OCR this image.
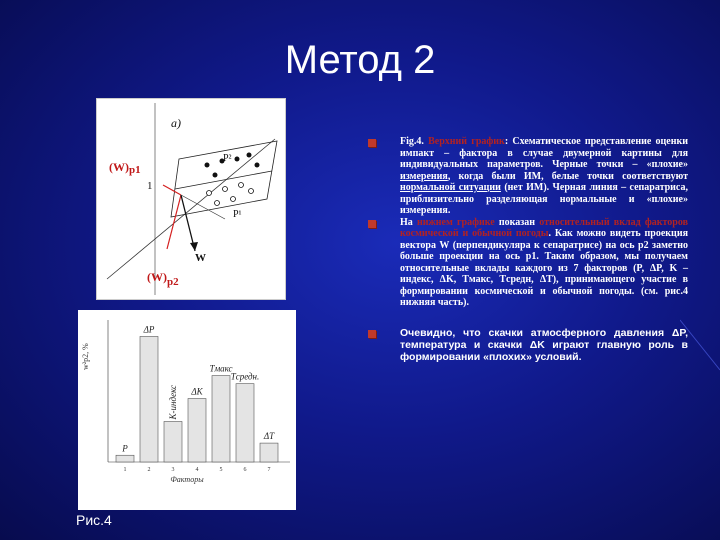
Метод 2
a)
(W)p1
1
P²
P¹
W
(W)p2
w²p2, %
Факторы
P
1
ΔP
2
K-индекс
3
ΔK
4
Tмакс
5
Tсредн.
6
ΔT
7
Рис.4
Fig.4. Верхний график: Схематическое представление оценки импакт – фактора в случае двумерной картины для индивидуальных параметров. Черные точки – «плохие» измерения, когда были ИМ, белые точки соответствуют нормальной ситуации (нет ИМ). Черная линия – сепаратриса, приблизительно разделяющая нормальные и «плохие» измерения.
На нижнем графике показан относительный вклад факторов космической и обычной погоды. Как можно видеть проекция вектора W (перпендикуляра к сепаратрисе) на ось p2 заметно больше проекции на ось p1. Таким образом, мы получаем относительные вклады каждого из 7 факторов (P, ΔP, K – индекс, ΔK, Tмакс, Tсредн, ΔT), принимающего участие в формировании космической и обычной погоды. (см. рис.4 нижняя часть).
Очевидно, что скачки атмосферного давления ΔP, температура и скачки ΔK играют главную роль в формировании «плохих» условий.
